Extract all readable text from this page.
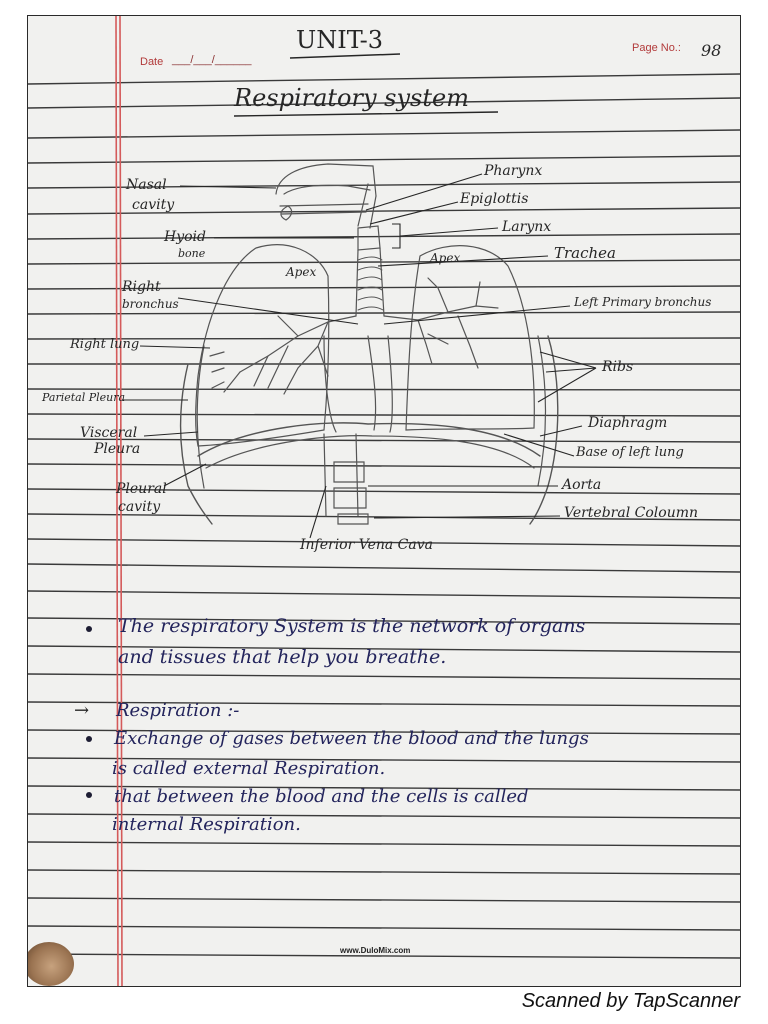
Date ___/___/______
Page No.: 98
UNIT-3
Respiratory system
Nasal
cavity
Hyoid
bone
Right
bronchus
Right lung
Parietal Pleura
Visceral
Pleura
Pleural
cavity
Apex
Apex
Pharynx
Epiglottis
Larynx
Trachea
Left Primary bronchus
Ribs
Diaphragm
Base of left lung
Aorta
Vertebral Coloumn
Inferior Vena Cava
The respiratory System is the network of organs
and tissues that help you breathe.
→ Respiration :-
Exchange of gases between the blood and the lungs
is called external Respiration.
that between the blood and the cells is called
internal Respiration.
www.DuloMix.com
Scanned by TapScanner
